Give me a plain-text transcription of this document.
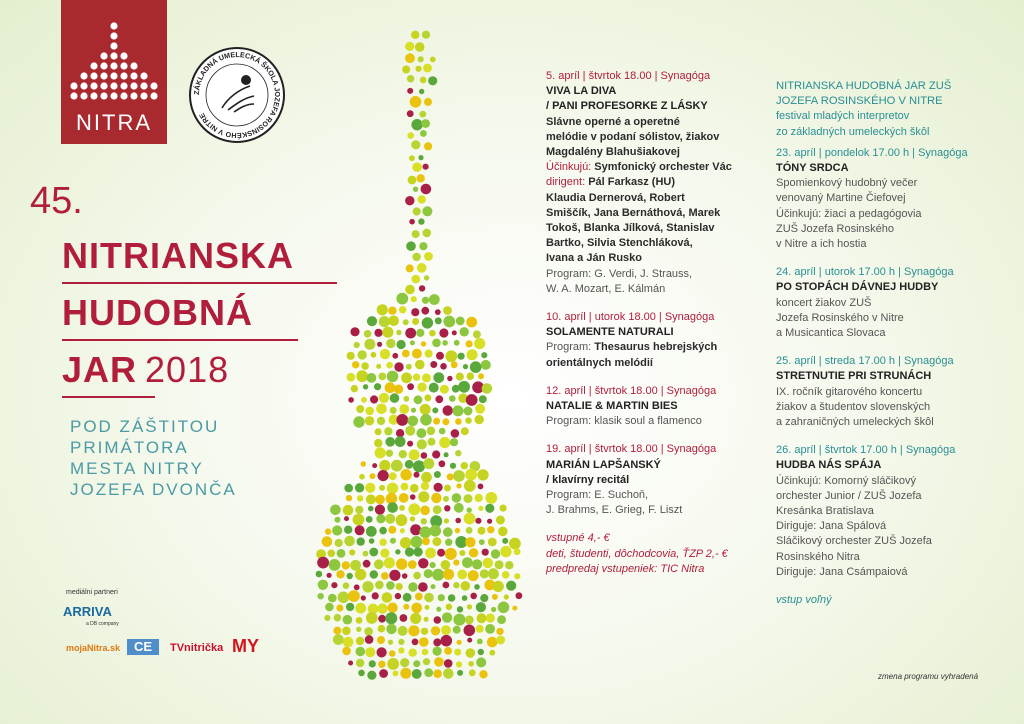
NITRA
ZÁKLADNÁ UMELECKÁ ŠKOLA JOZEFA ROSINSKÉHO V NITRE
45.
NITRIANSKA
HUDOBNÁ
JAR 2018
POD ZÁŠTITOU
PRIMÁTORA
MESTA NITRY
JOZEFA DVONČA
mediálni partneri
ARRIVA
a DB company
mojaNitra.sk	CE	TVnitrička MY
5. apríl | štvrtok 18.00 | Synagóga
VIVA LA DIVA
/ PANI PROFESORKE Z LÁSKY
Slávne operné a operetné
melódie v podaní sólistov, žiakov
Magdalény Blahušiakovej
Účinkujú: Symfonický orchester Vác
dirigent: Pál Farkasz (HU)
Klaudia Dernerová, Robert
Smiščík, Jana Bernáthová, Marek
Tokoš, Blanka Jílková, Stanislav
Bartko, Silvia Stenchláková,
Ivana a Ján Rusko
Program: G. Verdi, J. Strauss,
W. A. Mozart, E. Kálmán
10. apríl | utorok 18.00 | Synagóga
SOLAMENTE NATURALI
Program: Thesaurus hebrejských
orientálnych melódií
12. apríl | štvrtok 18.00 | Synagóga
NATALIE & MARTIN BIES
Program: klasik soul a flamenco
19. apríl | štvrtok 18.00 | Synagóga
MARIÁN LAPŠANSKÝ
/ klavírny recitál
Program: E. Suchoň,
J. Brahms, E. Grieg, F. Liszt
vstupné 4,- €
deti, študenti, dôchodcovia, ŤZP 2,- €
predpredaj vstupeniek: TIC Nitra
NITRIANSKA HUDOBNÁ JAR ZUŠ
JOZEFA ROSINSKÉHO V NITRE
festival mladých interpretov
zo základných umeleckých škôl
23. apríl | pondelok 17.00 h | Synagóga
TÓNY SRDCA
Spomienkový hudobný večer
venovaný Martine Čiefovej
Účinkujú: žiaci a pedagógovia
ZUŠ Jozefa Rosinského
v Nitre a ich hostia
24. apríl | utorok 17.00 h | Synagóga
PO STOPÁCH DÁVNEJ HUDBY
koncert žiakov ZUŠ
Jozefa Rosinského v Nitre
a Musicantica Slovaca
25. apríl | streda 17.00 h | Synagóga
STRETNUTIE PRI STRUNÁCH
IX. ročník gitarového koncertu
žiakov a študentov slovenských
a zahraničných umeleckých škôl
26. apríl | štvrtok 17.00 h | Synagóga
HUDBA NÁS SPÁJA
Účinkujú: Komorný sláčikový
orchester Junior / ZUŠ Jozefa
Kresánka Bratislava
Diriguje: Jana Spálová
Sláčikový orchester ZUŠ Jozefa
Rosinského Nitra
Diriguje: Jana Csámpaiová
vstup voľný
zmena programu vyhradená
